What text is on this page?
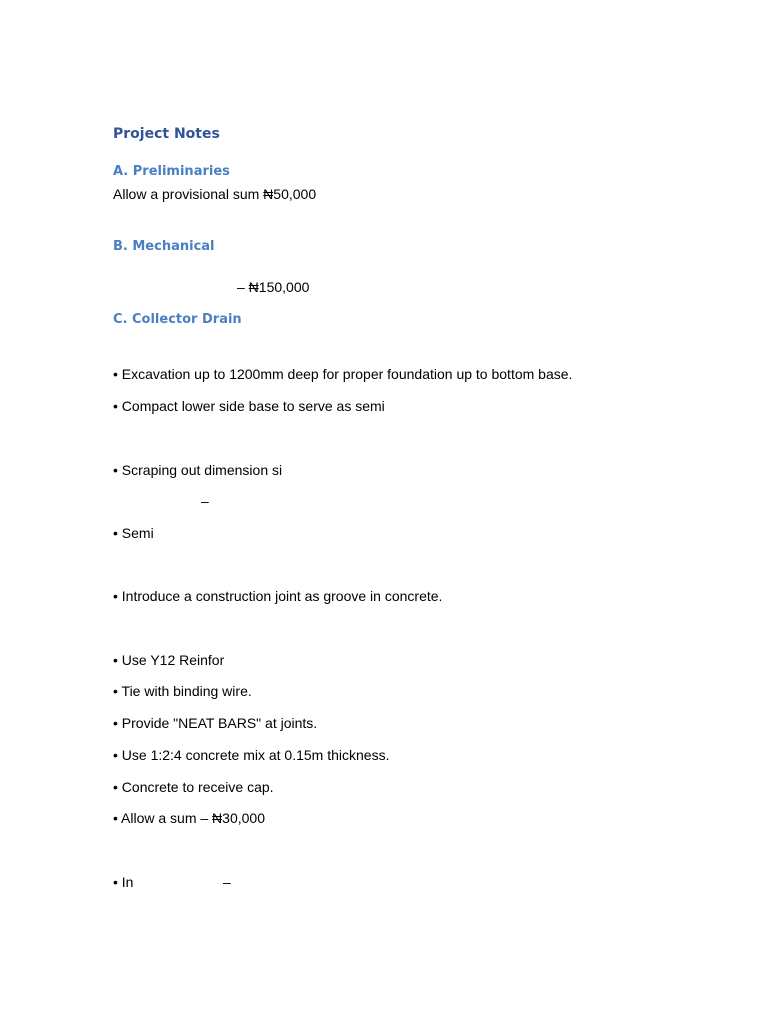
Project Notes
A. Preliminaries
Allow a provisional sum ₦50,000
B. Mechanical
– ₦150,000
C. Collector Drain
• Excavation up to 1200mm deep for proper foundation up to bottom base.
• Compact lower side base to serve as semi
• Scraping out dimension si
–
• Semi
• Introduce a construction joint as groove in concrete.
• Use Y12 Reinfor
• Tie with binding wire.
• Provide "NEAT BARS" at joints.
• Use 1:2:4 concrete mix at 0.15m thickness.
• Concrete to receive cap.
• Allow a sum – ₦30,000
• In	–
